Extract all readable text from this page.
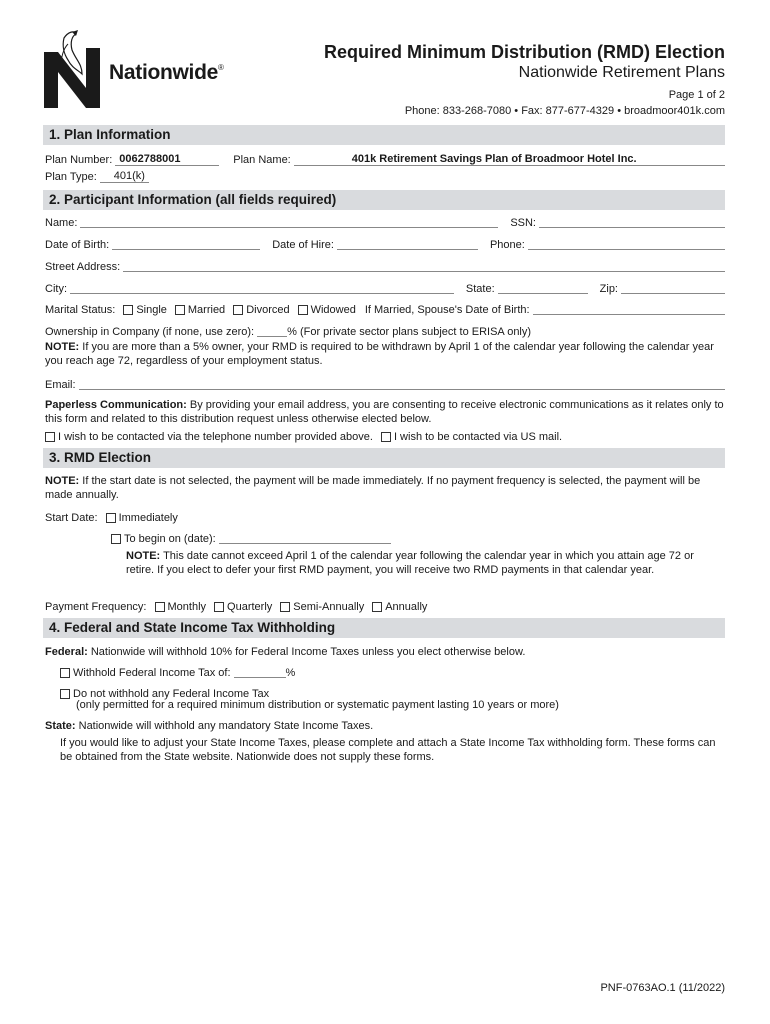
Nationwide®
Required Minimum Distribution (RMD) Election
Nationwide Retirement Plans
Page 1 of 2
Phone: 833-268-7080 • Fax: 877-677-4329 • broadmoor401k.com
1. Plan Information
Plan Number: 0062788001	Plan Name:	401k Retirement Savings Plan of Broadmoor Hotel Inc.
Plan Type:	401(k)
2. Participant Information (all fields required)
Name:	SSN:
Date of Birth:	Date of Hire:	Phone:
Street Address:
City:	State:	Zip:
Marital Status: Single Married Divorced Widowed If Married, Spouse's Date of Birth:
Ownership in Company (if none, use zero):	% (For private sector plans subject to ERISA only)
NOTE: If you are more than a 5% owner, your RMD is required to be withdrawn by April 1 of the calendar year following the calendar year you reach age 72, regardless of your employment status.
Email:
Paperless Communication: By providing your email address, you are consenting to receive electronic communications as it relates only to this form and related to this distribution request unless otherwise elected below.
I wish to be contacted via the telephone number provided above. I wish to be contacted via US mail.
3. RMD Election
NOTE: If the start date is not selected, the payment will be made immediately. If no payment frequency is selected, the payment will be made annually.
Start Date: Immediately
To begin on (date):
NOTE: This date cannot exceed April 1 of the calendar year following the calendar year in which you attain age 72 or retire. If you elect to defer your first RMD payment, you will receive two RMD payments in that calendar year.
Payment Frequency: Monthly Quarterly Semi-Annually Annually
4. Federal and State Income Tax Withholding
Federal: Nationwide will withhold 10% for Federal Income Taxes unless you elect otherwise below.
Withhold Federal Income Tax of:	%
Do not withhold any Federal Income Tax
(only permitted for a required minimum distribution or systematic payment lasting 10 years or more)
State: Nationwide will withhold any mandatory State Income Taxes.
If you would like to adjust your State Income Taxes, please complete and attach a State Income Tax withholding form. These forms can be obtained from the State website. Nationwide does not supply these forms.
PNF-0763AO.1 (11/2022)
